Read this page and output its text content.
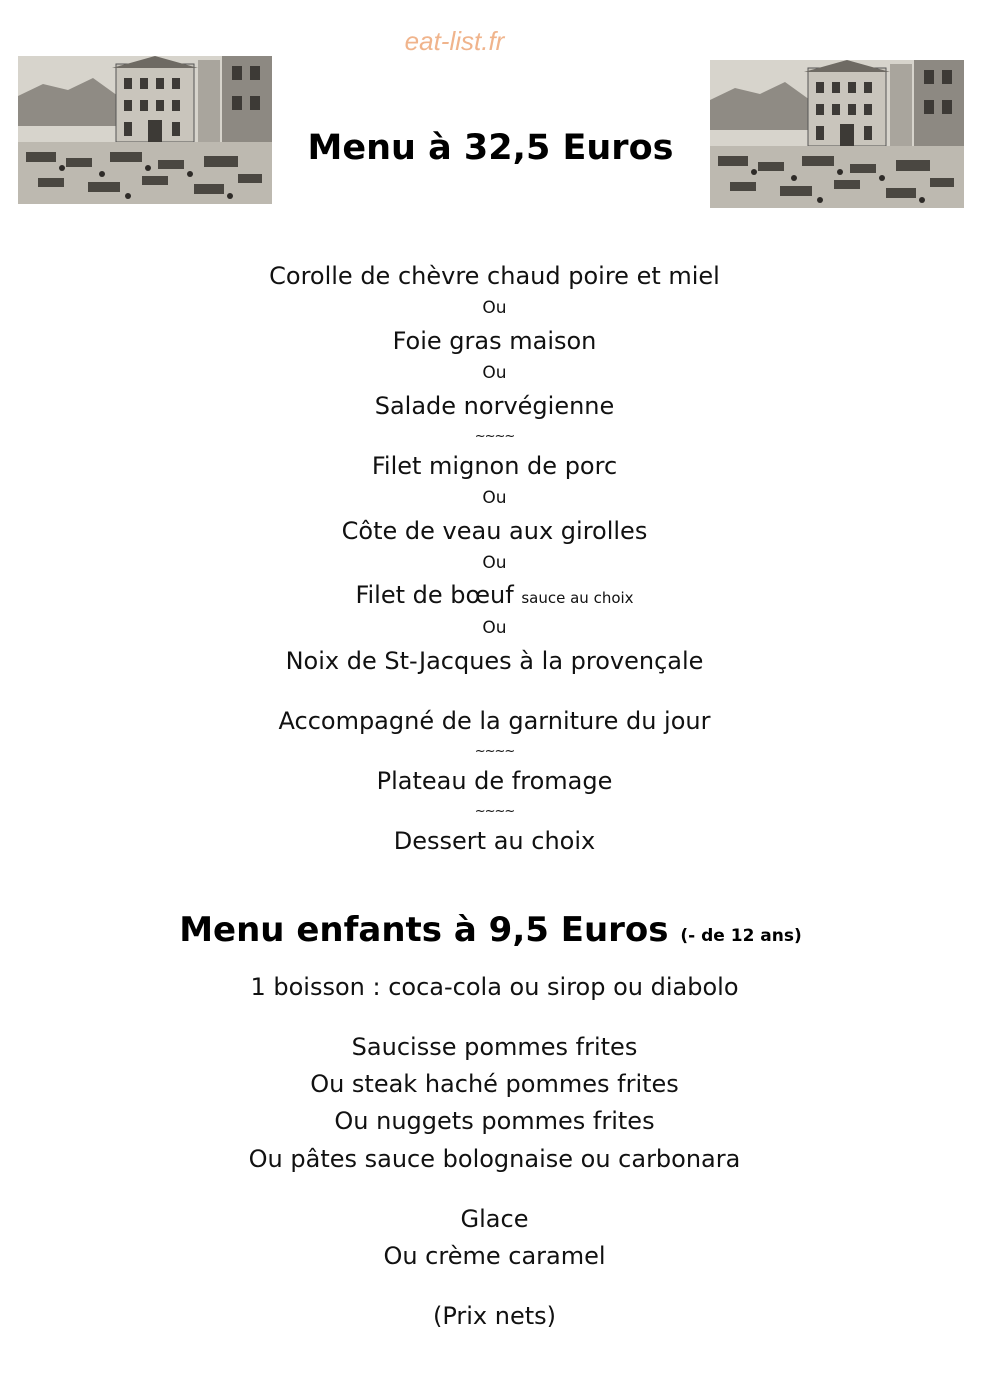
eat-list.fr
Menu à 32,5 Euros
Corolle de chèvre chaud poire et miel
Ou
Foie gras maison
Ou
Salade norvégienne
~~~~
Filet mignon de porc
Ou
Côte de veau aux girolles
Ou
Filet de bœuf sauce au choix
Ou
Noix de St-Jacques à la provençale
Accompagné de la garniture du jour
~~~~
Plateau de fromage
~~~~
Dessert au choix
Menu enfants à 9,5 Euros (- de 12 ans)
1 boisson : coca-cola ou sirop ou diabolo
Saucisse pommes frites
Ou steak haché pommes frites
Ou nuggets pommes frites
Ou pâtes sauce bolognaise ou carbonara
Glace
Ou crème caramel
(Prix nets)
